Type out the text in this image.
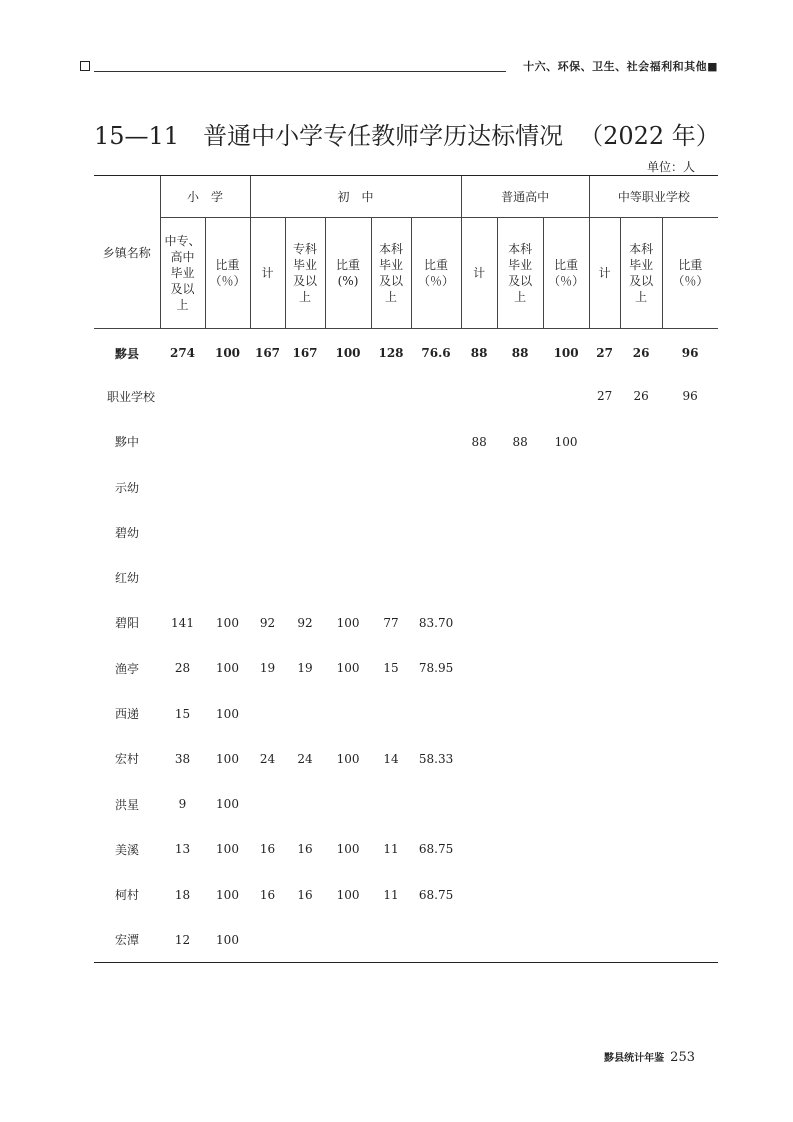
十六、环保、卫生、社会福利和其他■
15—11 普通中小学专任教师学历达标情况 （2022 年）
单位：人
乡镇名称	小　学		初　中					普通高中			中等职业学校		
	中专、
高中
毕业
及以
上	比重
（％）	计	专科
毕业
及以
上	比重
(%)	本科
毕业
及以
上	比重
（％）	计	本科
毕业
及以
上	比重
（％）	计	本科
毕业
及以
上	比重
（％）
黟县	274	100	167	167	100	128	76.6	88	88	100	27	26	96
职业学校											27	26	96
黟中								88	88	100			
示幼													
碧幼													
红幼													
碧阳	141	100	92	92	100	77	83.70						
渔亭	28	100	19	19	100	15	78.95						
西递	15	100											
宏村	38	100	24	24	100	14	58.33						
洪星	9	100											
美溪	13	100	16	16	100	11	68.75						
柯村	18	100	16	16	100	11	68.75						
宏潭	12	100											
黟县统计年鉴 253
